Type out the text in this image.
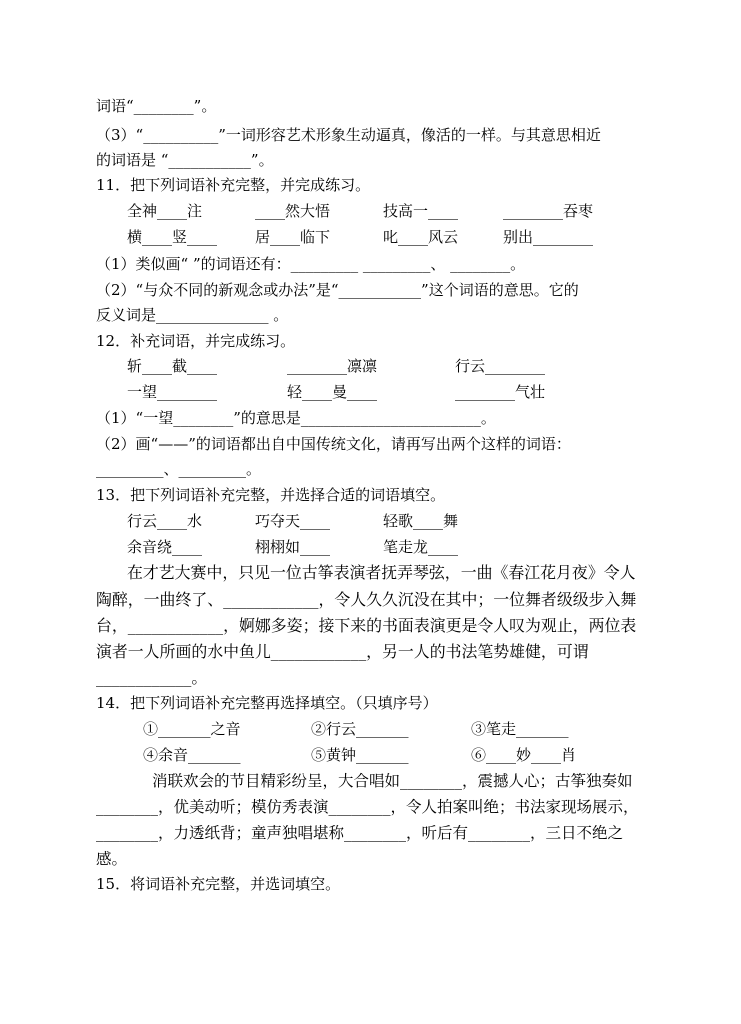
词语“________”。
（3）“__________”一词形容艺术形象生动逼真，像活的一样。与其意思相近
的词语是 “___________”。
11．把下列词语补充完整，并完成练习。
全神____注	____然大悟	技高一____	________吞枣
横____竖____	居____临下	叱____风云	别出________
（1）类似画“ ”的词语还有：_________ _________、 ________。
（2）“与众不同的新观念或办法”是“___________”这个词语的意思。它的
反义词是_______________ 。
12．补充词语，并完成练习。
斩____截____	________凛凛	行云________
一望________	轻____曼____	________气壮
（1）“一望________”的意思是________________________。
（2）画“——”的词语都出自中国传统文化，请再写出两个这样的词语：
_________、_________。
13．把下列词语补充完整，并选择合适的词语填空。
行云____水	巧夺天____	轻歌____舞
余音绕____	栩栩如____	笔走龙____
在才艺大赛中，只见一位古筝表演者抚弄琴弦，一曲《春江花月夜》令人
陶醉，一曲终了、____________，令人久久沉没在其中；一位舞者级级步入舞
台，____________，婀娜多姿；接下来的书面表演更是令人叹为观止，两位表
演者一人所画的水中鱼儿____________，另一人的书法笔势雄健，可谓
____________。
14．把下列词语补充完整再选择填空。（只填序号）
①_______之音	②行云_______	③笔走_______
④余音_______	⑤黄钟_______	⑥____妙____肖
消联欢会的节目精彩纷呈，大合唱如________，震撼人心；古筝独奏如
________，优美动听；模仿秀表演________，令人拍案叫绝；书法家现场展示，
________，力透纸背；童声独唱堪称________，听后有________，三日不绝之
感。
15．将词语补充完整，并选词填空。
